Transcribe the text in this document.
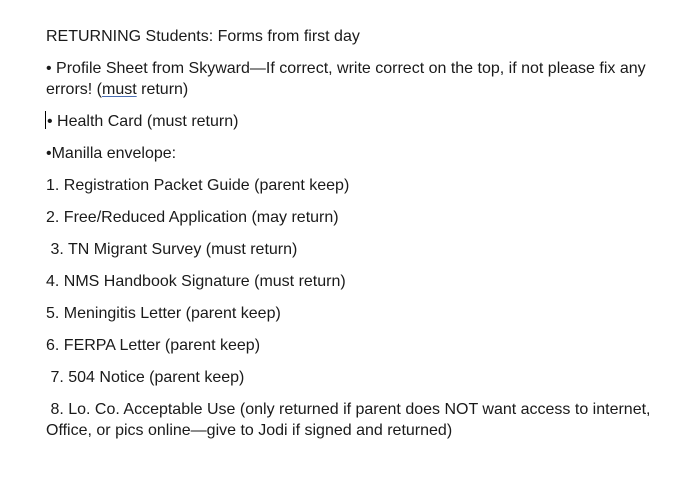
RETURNING Students: Forms from first day

• Profile Sheet from Skyward—If correct, write correct on the top, if not please fix any errors! (must return)

• Health Card (must return)

•Manilla envelope:

1. Registration Packet Guide (parent keep)

2. Free/Reduced Application (may return)

3. TN Migrant Survey (must return)

4. NMS Handbook Signature (must return)

5. Meningitis Letter (parent keep)

6. FERPA Letter (parent keep)

7. 504 Notice (parent keep)

8. Lo. Co. Acceptable Use (only returned if parent does NOT want access to internet, Office, or pics online—give to Jodi if signed and returned)
